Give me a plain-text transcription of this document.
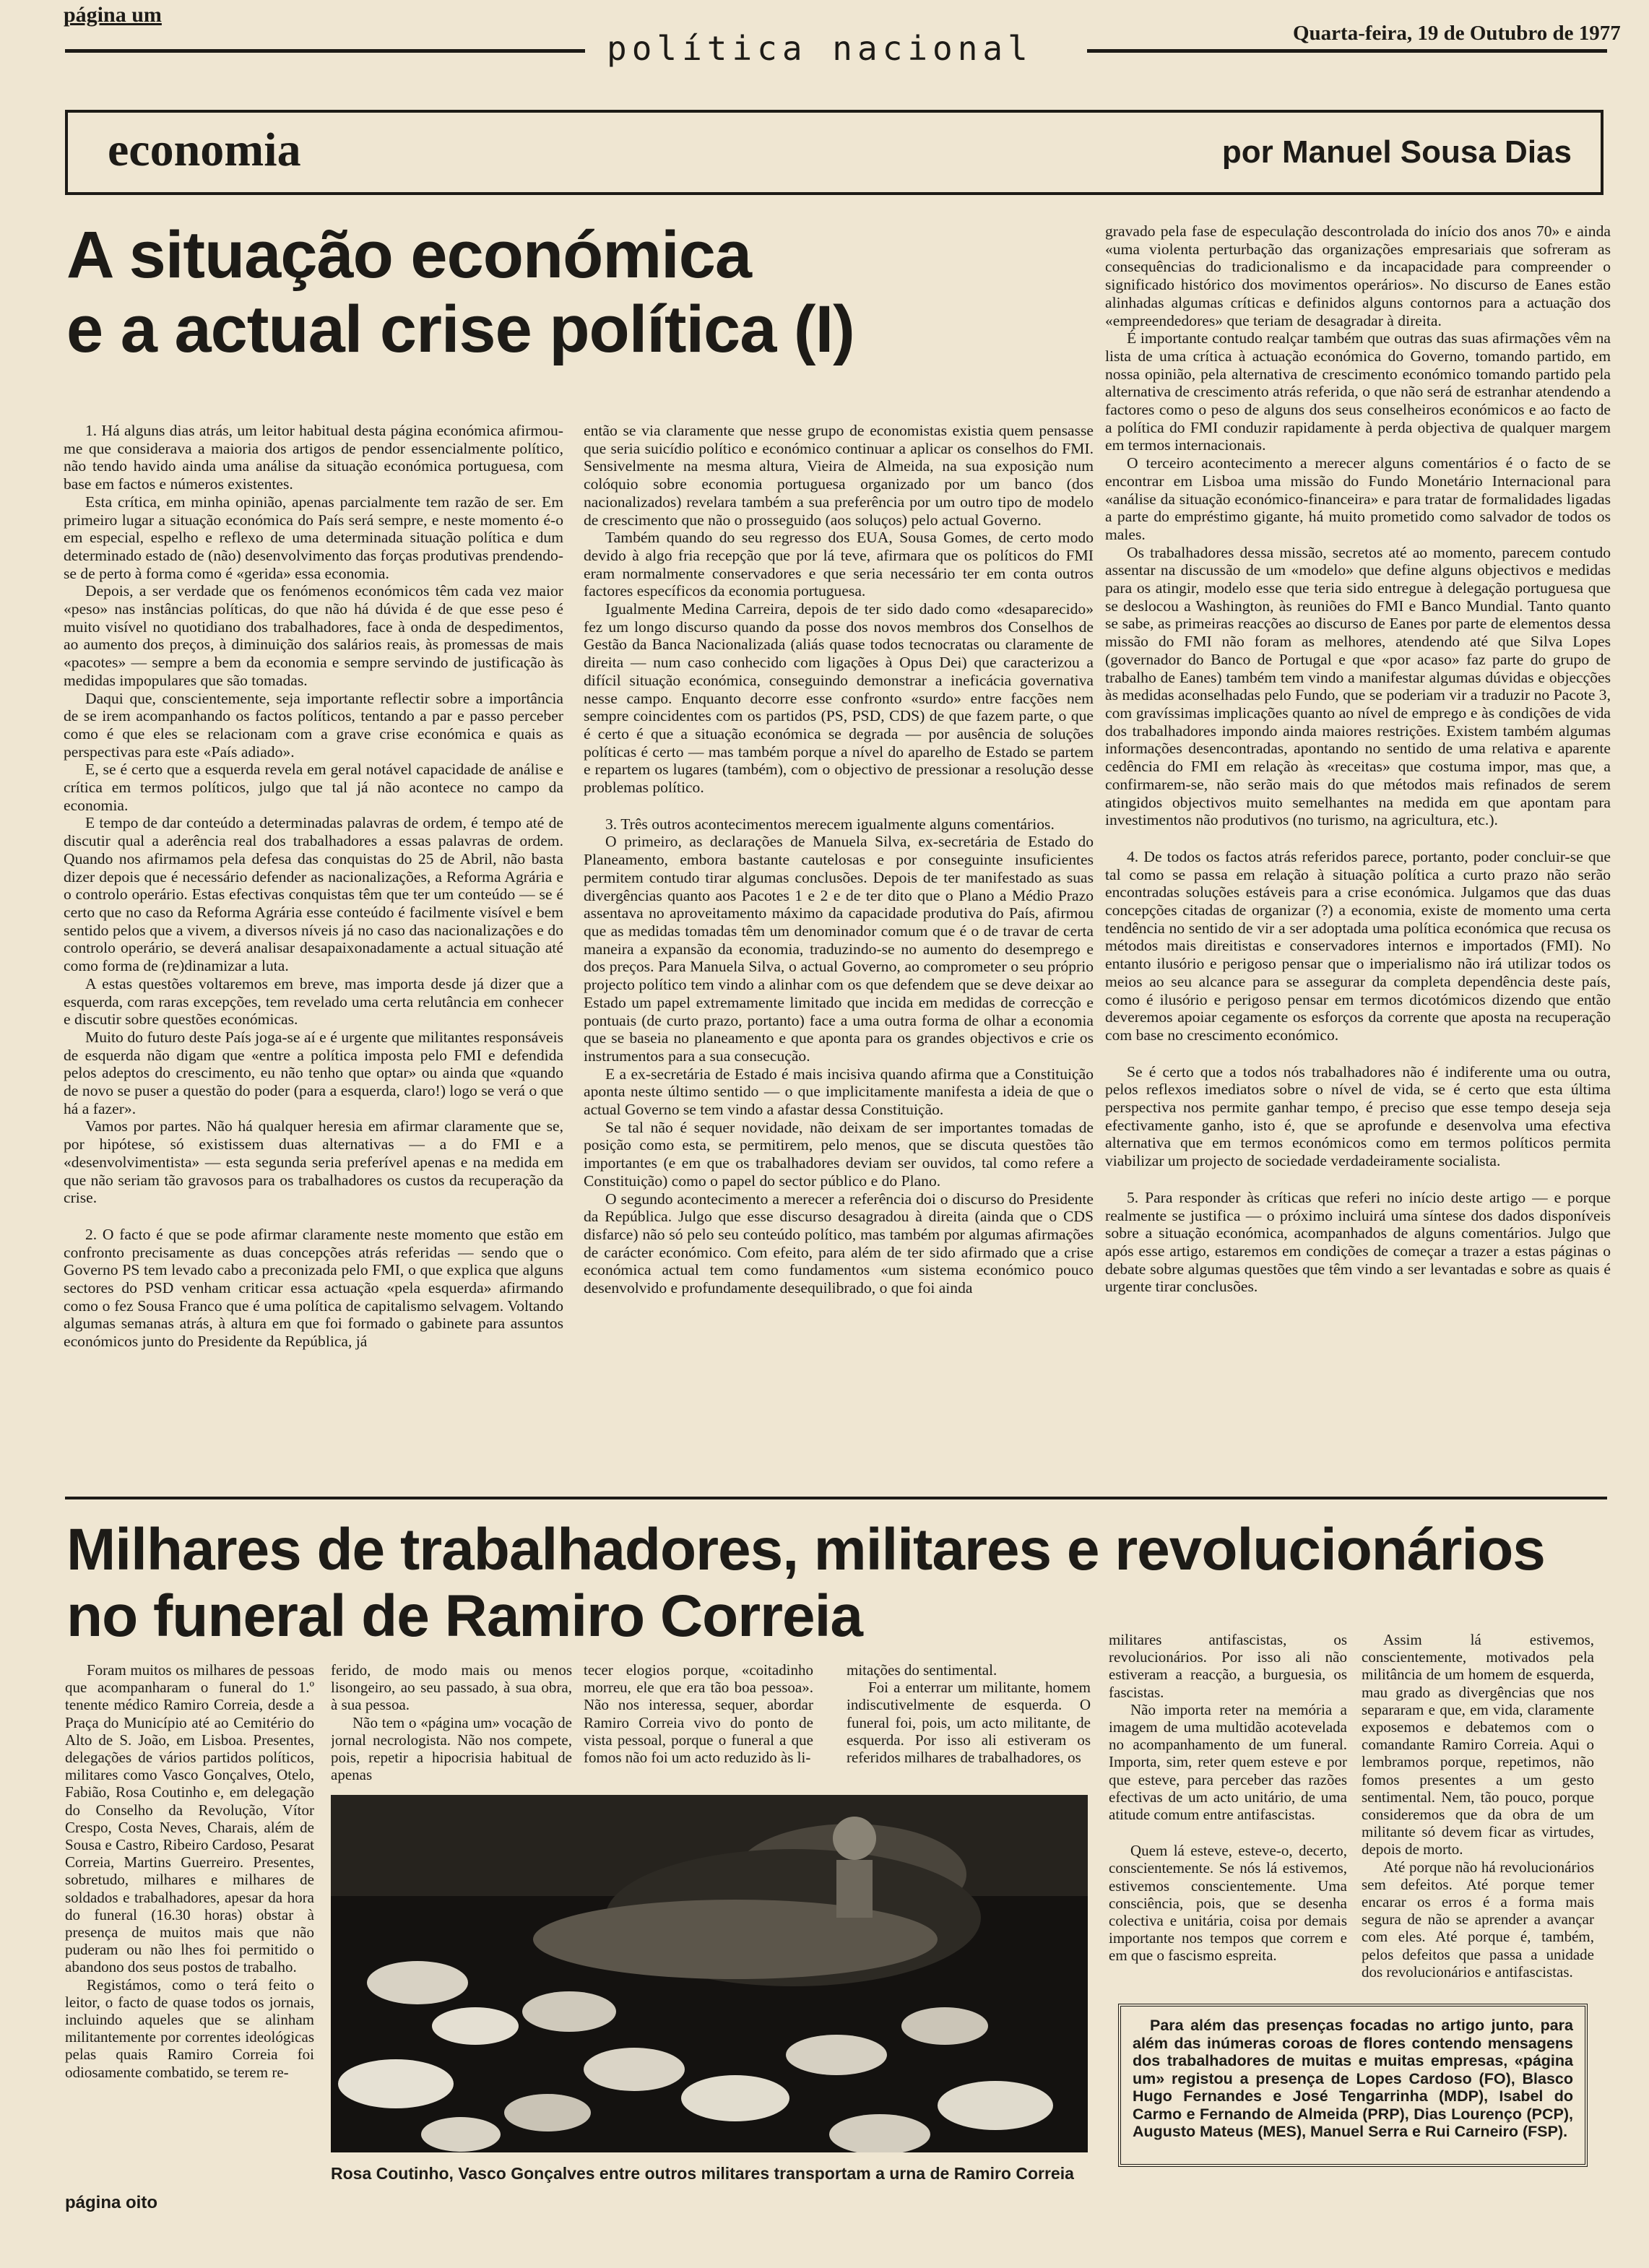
página um
política nacional	Quarta-feira, 19 de Outubro de 1977
economia	por Manuel Sousa Dias
A situação económica
e a actual crise política (I)

1. Há alguns dias atrás, um leitor habitual desta página económica afirmou-me que considerava a maioria dos artigos de pendor essencialmente político, não tendo havido ainda uma análise da situação económica portuguesa, com base em factos e números existentes.

Esta crítica, em minha opinião, apenas parcialmente tem razão de ser. Em primeiro lugar a situação económica do País será sempre, e neste momento é-o em especial, espelho e reflexo de uma determinada situação política e dum determinado estado de (não) desenvolvimento das forças produtivas prendendo-se de perto à forma como é «gerida» essa economia.

Depois, a ser verdade que os fenómenos económicos têm cada vez maior «peso» nas instâncias políticas, do que não há dúvida é de que esse peso é muito visível no quotidiano dos trabalhadores, face à onda de despedimentos, ao aumento dos preços, à diminuição dos salários reais, às promessas de mais «pacotes» — sempre a bem da economia e sempre servindo de justificação às medidas impopulares que são tomadas.

Daqui que, conscientemente, seja importante reflectir sobre a importância de se irem acompanhando os factos políticos, tentando a par e passo perceber como é que eles se relacionam com a grave crise económica e quais as perspectivas para este «País adiado».

E, se é certo que a esquerda revela em geral notável capacidade de análise e crítica em termos políticos, julgo que tal já não acontece no campo da economia.

E tempo de dar conteúdo a determinadas palavras de ordem, é tempo até de discutir qual a aderência real dos trabalhadores a essas palavras de ordem. Quando nos afirmamos pela defesa das conquistas do 25 de Abril, não basta dizer depois que é necessário defender as nacionalizações, a Reforma Agrária e o controlo operário. Estas efectivas conquistas têm que ter um conteúdo — se é certo que no caso da Reforma Agrária esse conteúdo é facilmente visível e bem sentido pelos que a vivem, a diversos níveis já no caso das nacionalizações e do controlo operário, se deverá analisar desapaixonadamente a actual situação até como forma de (re)dinamizar a luta.

A estas questões voltaremos em breve, mas importa desde já dizer que a esquerda, com raras excepções, tem revelado uma certa relutância em conhecer e discutir sobre questões económicas.

Muito do futuro deste País joga-se aí e é urgente que militantes responsáveis de esquerda não digam que «entre a política imposta pelo FMI e defendida pelos adeptos do crescimento, eu não tenho que optar» ou ainda que «quando de novo se puser a questão do poder (para a esquerda, claro!) logo se verá o que há a fazer».

Vamos por partes. Não há qualquer heresia em afirmar claramente que se, por hipótese, só existissem duas alternativas — a do FMI e a «desenvolvimentista» — esta segunda seria preferível apenas e na medida em que não seriam tão gravosos para os trabalhadores os custos da recuperação da crise.

2. O facto é que se pode afirmar claramente neste momento que estão em confronto precisamente as duas concepções atrás referidas — sendo que o Governo PS tem levado cabo a preconizada pelo FMI, o que explica que alguns sectores do PSD venham criticar essa actuação «pela esquerda» afirmando como o fez Sousa Franco que é uma política de capitalismo selvagem. Voltando algumas semanas atrás, à altura em que foi formado o gabinete para assuntos económicos junto do Presidente da República, já

então se via claramente que nesse grupo de economistas existia quem pensasse que seria suicídio político e económico continuar a aplicar os conselhos do FMI. Sensivelmente na mesma altura, Vieira de Almeida, na sua exposição num colóquio sobre economia portuguesa organizado por um banco (dos nacionalizados) revelara também a sua preferência por um outro tipo de modelo de crescimento que não o prosseguido (aos soluços) pelo actual Governo.

Também quando do seu regresso dos EUA, Sousa Gomes, de certo modo devido à algo fria recepção que por lá teve, afirmara que os políticos do FMI eram normalmente conservadores e que seria necessário ter em conta outros factores específicos da economia portuguesa.

Igualmente Medina Carreira, depois de ter sido dado como «desaparecido» fez um longo discurso quando da posse dos novos membros dos Conselhos de Gestão da Banca Nacionalizada (aliás quase todos tecnocratas ou claramente de direita — num caso conhecido com ligações à Opus Dei) que caracterizou a difícil situação económica, conseguindo demonstrar a ineficácia governativa nesse campo. Enquanto decorre esse confronto «surdo» entre facções nem sempre coincidentes com os partidos (PS, PSD, CDS) de que fazem parte, o que é certo é que a situação económica se degrada — por ausência de soluções políticas é certo — mas também porque a nível do aparelho de Estado se partem e repartem os lugares (também), com o objectivo de pressionar a resolução desse problemas político.

3. Três outros acontecimentos merecem igualmente alguns comentários.

O primeiro, as declarações de Manuela Silva, ex-secretária de Estado do Planeamento, embora bastante cautelosas e por conseguinte insuficientes permitem contudo tirar algumas conclusões. Depois de ter manifestado as suas divergências quanto aos Pacotes 1 e 2 e de ter dito que o Plano a Médio Prazo assentava no aproveitamento máximo da capacidade produtiva do País, afirmou que as medidas tomadas têm um denominador comum que é o de travar de certa maneira a expansão da economia, traduzindo-se no aumento do desemprego e dos preços. Para Manuela Silva, o actual Governo, ao comprometer o seu próprio projecto político tem vindo a alinhar com os que defendem que se deve deixar ao Estado um papel extremamente limitado que incida em medidas de correcção e pontuais (de curto prazo, portanto) face a uma outra forma de olhar a economia que se baseia no planeamento e que aponta para os grandes objectivos e crie os instrumentos para a sua consecução.

E a ex-secretária de Estado é mais incisiva quando afirma que a Constituição aponta neste último sentido — o que implicitamente manifesta a ideia de que o actual Governo se tem vindo a afastar dessa Constituição.

Se tal não é sequer novidade, não deixam de ser importantes tomadas de posição como esta, se permitirem, pelo menos, que se discuta questões tão importantes (e em que os trabalhadores deviam ser ouvidos, tal como refere a Constituição) como o papel do sector público e do Plano.

O segundo acontecimento a merecer a referência doi o discurso do Presidente da República. Julgo que esse discurso desagradou à direita (ainda que o CDS disfarce) não só pelo seu conteúdo político, mas também por algumas afirmações de carácter económico. Com efeito, para além de ter sido afirmado que a crise económica actual tem como fundamentos «um sistema económico pouco desenvolvido e profundamente desequilibrado, o que foi ainda

gravado pela fase de especulação descontrolada do início dos anos 70» e ainda «uma violenta perturbação das organizações empresariais que sofreram as consequências do tradicionalismo e da incapacidade para compreender o significado histórico dos movimentos operários». No discurso de Eanes estão alinhadas algumas críticas e definidos alguns contornos para a actuação dos «empreendedores» que teriam de desagradar à direita.

É importante contudo realçar também que outras das suas afirmações vêm na lista de uma crítica à actuação económica do Governo, tomando partido, em nossa opinião, pela alternativa de crescimento económico tomando partido pela alternativa de crescimento atrás referida, o que não será de estranhar atendendo a factores como o peso de alguns dos seus conselheiros económicos e ao facto de a política do FMI conduzir rapidamente à perda objectiva de qualquer margem em termos internacionais.

O terceiro acontecimento a merecer alguns comentários é o facto de se encontrar em Lisboa uma missão do Fundo Monetário Internacional para «análise da situação económico-financeira» e para tratar de formalidades ligadas a parte do empréstimo gigante, há muito prometido como salvador de todos os males.

Os trabalhadores dessa missão, secretos até ao momento, parecem contudo assentar na discussão de um «modelo» que define alguns objectivos e medidas para os atingir, modelo esse que teria sido entregue à delegação portuguesa que se deslocou a Washington, às reuniões do FMI e Banco Mundial. Tanto quanto se sabe, as primeiras reacções ao discurso de Eanes por parte de elementos dessa missão do FMI não foram as melhores, atendendo até que Silva Lopes (governador do Banco de Portugal e que «por acaso» faz parte do grupo de trabalho de Eanes) também tem vindo a manifestar algumas dúvidas e objecções às medidas aconselhadas pelo Fundo, que se poderiam vir a traduzir no Pacote 3, com gravíssimas implicações quanto ao nível de emprego e às condições de vida dos trabalhadores impondo ainda maiores restrições. Existem também algumas informações desencontradas, apontando no sentido de uma relativa e aparente cedência do FMI em relação às «receitas» que costuma impor, mas que, a confirmarem-se, não serão mais do que métodos mais refinados de serem atingidos objectivos muito semelhantes na medida em que apontam para investimentos não produtivos (no turismo, na agricultura, etc.).

4. De todos os factos atrás referidos parece, portanto, poder concluir-se que tal como se passa em relação à situação política a curto prazo não serão encontradas soluções estáveis para a crise económica. Julgamos que das duas concepções citadas de organizar (?) a economia, existe de momento uma certa tendência no sentido de vir a ser adoptada uma política económica que recusa os métodos mais direitistas e conservadores internos e importados (FMI). No entanto ilusório e perigoso pensar que o imperialismo não irá utilizar todos os meios ao seu alcance para se assegurar da completa dependência deste país, como é ilusório e perigoso pensar em termos dicotómicos dizendo que então deveremos apoiar cegamente os esforços da corrente que aposta na recuperação com base no crescimento económico.

Se é certo que a todos nós trabalhadores não é indiferente uma ou outra, pelos reflexos imediatos sobre o nível de vida, se é certo que esta última perspectiva nos permite ganhar tempo, é preciso que esse tempo deseja seja efectivamente ganho, isto é, que se aprofunde e desenvolva uma efectiva alternativa que em termos económicos como em termos políticos permita viabilizar um projecto de sociedade verdadeiramente socialista.

5. Para responder às críticas que referi no início deste artigo — e porque realmente se justifica — o próximo incluirá uma síntese dos dados disponíveis sobre a situação económica, acompanhados de alguns comentários. Julgo que após esse artigo, estaremos em condições de começar a trazer a estas páginas o debate sobre algumas questões que têm vindo a ser levantadas e sobre as quais é urgente tirar conclusões.

Milhares de trabalhadores, militares e revolucionários
no funeral de Ramiro Correia

Foram muitos os milhares de pessoas que acompanharam o funeral do 1.º tenente médico Ramiro Correia, desde a Praça do Município até ao Cemitério do Alto de S. João, em Lisboa. Presentes, delegações de vários partidos políticos, militares como Vasco Gonçalves, Otelo, Fabião, Rosa Coutinho e, em delegação do Conselho da Revolução, Vítor Crespo, Costa Neves, Charais, além de Sousa e Castro, Ribeiro Cardoso, Pesarat Correia, Martins Guerreiro. Presentes, sobretudo, milhares e milhares de soldados e trabalhadores, apesar da hora do funeral (16.30 horas) obstar à presença de muitos mais que não puderam ou não lhes foi permitido o abandono dos seus postos de trabalho.

Registámos, como o terá feito o leitor, o facto de quase todos os jornais, incluindo aqueles que se alinham militantemente por correntes ideológicas pelas quais Ramiro Correia foi odiosamente combatido, se terem re-

ferido, de modo mais ou menos lisongeiro, ao seu passado, à sua obra, à sua pessoa.

Não tem o «página um» vocação de jornal necrologista. Não nos compete, pois, repetir a hipocrisia habitual de apenas

tecer elogios porque, «coitadinho morreu, ele que era tão boa pessoa». Não nos interessa, sequer, abordar Ramiro Correia vivo do ponto de vista pessoal, porque o funeral a que fomos não foi um acto reduzido às li-

mitações do sentimental.

Foi a enterrar um militante, homem indiscutivelmente de esquerda. O funeral foi, pois, um acto militante, de esquerda. Por isso ali estiveram os referidos milhares de trabalhadores, os

militares antifascistas, os revolucionários. Por isso ali não estiveram a reacção, a burguesia, os fascistas.

Não importa reter na memória a imagem de uma multidão acotevelada no acompanhamento de um funeral. Importa, sim, reter quem esteve e por que esteve, para perceber das razões efectivas de um acto unitário, de uma atitude comum entre antifascistas.

Quem lá esteve, esteve-o, decerto, conscientemente. Se nós lá estivemos, estivemos conscientemente. Uma consciência, pois, que se desenha colectiva e unitária, coisa por demais importante nos tempos que correm e em que o fascismo espreita.

Assim lá estivemos, conscientemente, motivados pela militância de um homem de esquerda, mau grado as divergências que nos separaram e que, em vida, claramente exposemos e debatemos com o comandante Ramiro Correia. Aqui o lembramos porque, repetimos, não fomos presentes a um gesto sentimental. Nem, tão pouco, porque consideremos que da obra de um militante só devem ficar as virtudes, depois de morto.

Até porque não há revolucionários sem defeitos. Até porque temer encarar os erros é a forma mais segura de não se aprender a avançar com eles. Até porque é, também, pelos defeitos que passa a unidade dos revolucionários e antifascistas.

Rosa Coutinho, Vasco Gonçalves entre outros militares transportam a urna de Ramiro Correia
Para além das presenças focadas no artigo junto, para além das inúmeras coroas de flores contendo mensagens dos trabalhadores de muitas e muitas empresas, «página um» registou a presença de Lopes Cardoso (FO), Blasco Hugo Fernandes e José Tengarrinha (MDP), Isabel do Carmo e Fernando de Almeida (PRP), Dias Lourenço (PCP), Augusto Mateus (MES), Manuel Serra e Rui Carneiro (FSP).
página oito
